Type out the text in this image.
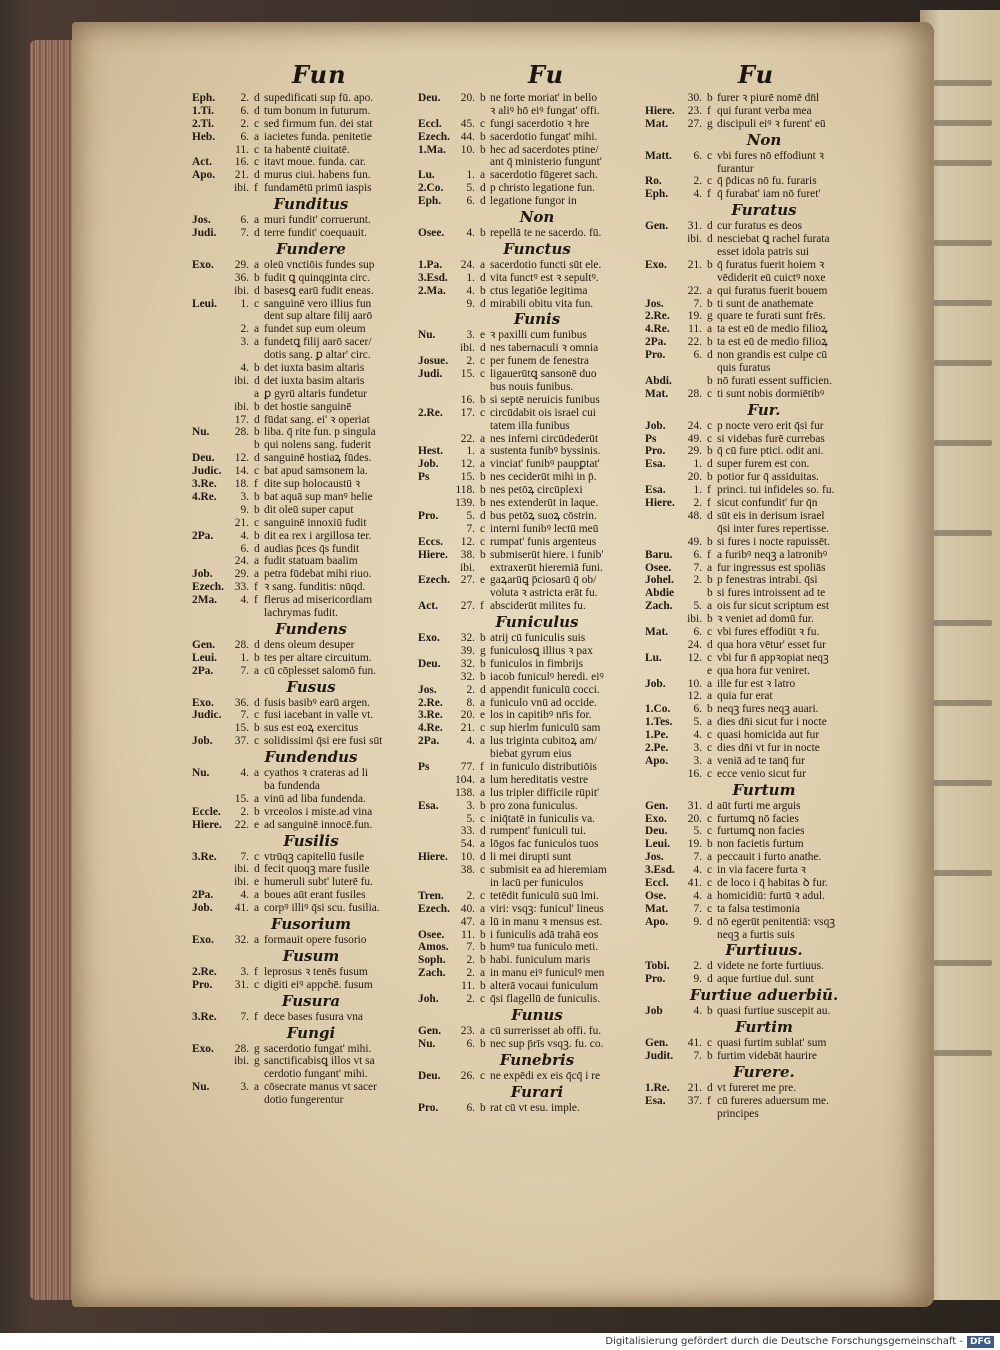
Fun	Fu	Fu
Eph.	2. d supedificati sup fū. apo.
1.Ti.	6. d tum bonum in futurum.
2.Ti.	2. c sed firmum fun. dei stat
Heb.	6. a iacietes funda. penitetie
11. c ta habentē ciuitatē.
Act.	16. c itavt moue. funda. car.
Apo.	21. d murus ciui. habens fun.
ibi. f fundamētū primū iaspis
Funditus
Jos.	6. a muri fundit' corruerunt.
Judi.	7. d terre fundit' coequauit.
Fundere
Exo.	29. a oleū vnctiōis fundes sup
36. b fudit ꝗ quinqginta circ.
ibi. d basesꝗ earū fudit eneas.
Leui.	1. c sanguinē vero illius fun
dent sup altare filij aarō
2. a fundet sup eum oleum
3. a fundetꝗ filij aarō sacer/
dotis sang. ꝑ altar' circ.
4. b det iuxta basim altaris
ibi. d det iuxta basim altaris
a ꝑ gyrū altaris fundetur
ibi. b det hostie sanguinē
17. d fūdat sang. ei' ꝛ operiat
Nu.	28. b liba. q̄ rite fun. p singula
b qui nolens sang. fuderit
Deu.	12. d sanguinē hostiaꝝ fūdes.
Judic.	14. c bat apud samsonem la.
3.Re.	18. f dite sup holocaustū ꝛ
4.Re.	3. b bat aquā sup manꝰ helie
9. b dit oleū super caput
21. c sanguinē innoxiū fudit
2Pa.	4. b dit ea rex i argillosa ter.
6. d audias p̄ces q̄s fundit
24. a fudit statuam baalim
Job.	29. a petra fūdebat mihi riuo.
Ezech. 33. f ꝛ sang. funditis: nūqd.
2Ma.	4. f flerus ad misericordiam
lachrymas fudit.
Fundens
Gen.	28. d dens oleum desuper
Leui.	1. b tes per altare circuitum.
2Pa.	7. a cū cōplesset salomō fun.
Fusus
Exo.	36. d fusis basibꝰ earū argen.
Judic.	7. c fusi iacebant in valle vt.
15. b sus est eoꝝ exercitus
Job.	37. c solidissimi q̄si ere fusi sūt
Fundendus
Nu.	4. a cyathos ꝛ crateras ad li
ba fundenda
15. a vinū ad liba fundenda.
Eccle.	2. b vrceolos i miste.ad vina
Hiere.	22. e ad sanguinē innocē.fun.
Fusilis
3.Re.	7. c vtrūqꝫ capitellū fusile
ibi. d fecit quoqꝫ mare fusile
ibi. e humeruli subt' luterē fu.
2Pa.	4. a boues aūt erant fusiles
Job.	41. a corpꝰ illiꝰ q̄si scu. fusilia.
Fusorium
Exo.	32. a formauit opere fusorio
Fusum
2.Re.	3. f leprosus ꝛ tenēs fusum
Pro.	31. c digiti eiꝰ appchē. fusum
Fusura
3.Re.	7. f dece bases fusura vna
Fungi
Exo.	28. g sacerdotio fungat' mihi.
ibi. g sanctificabisꝗ illos vt sa
cerdotio fungant' mihi.
Nu.	3. a cōsecrate manus vt sacer
dotio fungerentur
Deu.	20. b ne forte moriat' in bello
ꝛ aliꝰ hō eiꝰ fungat' offi.
Eccl.	45. c fungi sacerdotio ꝛ hre
Ezech. 44. b sacerdotio fungat' mihi.
1.Ma.	10. b hec ad sacerdotes ptine/
ant q̄ ministerio fungunt'
Lu.	1. a sacerdotio fūgeret sach.
2.Co.	5. d p christo legatione fun.
Eph.	6. d legatione fungor in
Non
Osee.	4. b repellā te ne sacerdo. fū.
Functus
1.Pa.	24. a sacerdotio functi sūt ele.
3.Esd.	1. d vita functꝰ est ꝛ sepultꝰ.
2.Ma.	4. b ctus legatiōe legitima
9. d mirabili obitu vita fun.
Funis
Nu.	3. e ꝛ paxilli cum funibus
ibi. d nes tabernaculi ꝛ omnia
Josue.	2. c per funem de fenestra
Judi.	15. c ligauerūtꝗ sansonē duo
bus nouis funibus.
16. b si septē neruicis funibus
2.Re.	17. c circūdabit ois israel cui
tatem illa funibus
22. a nes inferni circūdederūt
Hest.	1. a sustenta funibꝰ byssinis.
Job.	12. a vinciat' funibꝰ paupꝑtat'
Ps	15. b nes ceciderūt mihi in p̄.
118. b nes petōꝝ circūplexi
139. b nes extenderūt in laque.
Pro.	5. d bus petōꝝ suoꝝ cōstrin.
7. c interni funibꝰ lectū meū
Eccs.	12. c rumpat' funis argenteus
Hiere.	38. b submiserūt hiere. i funib'
ibi.	extraxerūt hieremiā funi.
Ezech. 27. e gaꝝarūꝗ p̄ciosarū q̄ ob/
voluta ꝛ astricta erāt fu.
Act.	27. f absciderūt milites fu.
Funiculus
Exo.	32. b atrij cū funiculis suis
39. g funiculosꝗ illius ꝛ pax
Deu.	32. b funiculos in fimbrijs
32. b iacob funiculꝰ heredi. eiꝰ
Jos.	2. d appendit funiculū cocci.
2.Re.	8. a funiculo vnū ad occide.
3.Re.	20. e los in capitibꝰ nr̄is for.
4.Re.	21. c sup hierlm funiculū sam
2Pa.	4. a lus triginta cubitoꝝ am/
biebat gyrum eius
Ps	77. f in funiculo distributiōis
104. a lum hereditatis vestre
138. a lus tripler difficile rūpit'
Esa.	3. b pro zona funiculus.
5. c iniq̄tatē in funiculis va.
33. d rumpent' funiculi tui.
54. a lōgos fac funiculos tuos
Hiere.	10. d li mei dirupti sunt
38. c submisit ea ad hieremiam
in lacū per funiculos
Tren.	2. c tetēdit funiculū suū lmi.
Ezech. 40. a viri: vsqꝫ: funicul' lineus
47. a lū in manu ꝛ mensus est.
Osee.	11. b i funiculis adā trahā eos
Amos.	7. b humꝰ tua funiculo meti.
Soph.	2. b habi. funiculum maris
Zach.	2. a in manu eiꝰ funiculꝰ men
11. b alterā vocaui funiculum
Joh.	2. c q̄si flagellū de funiculis.
Funus
Gen.	23. a cū surrerisset ab offi. fu.
Nu.	6. b nec sup p̄rīs vsqꝫ. fu. co.
Funebris
Deu.	26. c ne expēdi ex eis q̄cq̄ i re
Furari
Pro.	6. b rat cū vt esu. imple.
30. b furer ꝛ piurē nomē dn̄l
Hiere.	23. f qui furant verba mea
Mat.	27. g discipuli eiꝰ ꝛ furent' eū
Non
Matt.	6. c vbi fures nō effodiunt ꝛ
furantur
Ro.	2. c q̄ p̄dicas nō fu. furaris
Eph.	4. f q̄ furabat' iam nō furet'
Furatus
Gen.	31. d cur furatus es deos
ibi. d nesciebat ꝗ rachel furata
esset idola patris sui
Exo.	21. b q̄ furatus fuerit hoiem ꝛ
vēdiderit eū cuictꝰ noxe
22. a qui furatus fuerit bouem
Jos.	7. b ti sunt de anathemate
2.Re.	19. g quare te furati sunt frēs.
4.Re.	11. a ta est eū de medio filioꝝ
2Pa.	22. b ta est eū de medio filioꝝ
Pro.	6. d non grandis est culpe cū
quis furatus
Abdi.	b nō furati essent sufficien.
Mat.	28. c ti sunt nobis dormiētibꝰ
Fur.
Job.	24. c p nocte vero erit q̄si fur
Ps	49. c si videbas furē currebas
Pro.	29. b q̄ cū fure ptici. odit ani.
Esa.	1. d super furem est con.
20. b potior fur q̄ assiduitas.
Esa.	1. f princi. tui infideles so. fu.
Hiere.	2. f sicut confundit' fur q̄n
48. d sūt eis in derisum israel
q̄si inter fures repertisse.
49. b si fures i nocte rapuissēt.
Baru.	6. f a furibꝰ neqꝫ a latronibꝰ
Osee.	7. a fur ingressus est spoliās
Johel.	2. b p fenestras intrabi. q̄si
Abdie	b si fures introissent ad te
Zach.	5. a ois fur sicut scriptum est
ibi. b ꝛ veniet ad domū fur.
Mat.	6. c vbi fures effodiūt ꝛ fu.
24. d qua hora vētur' esset fur
Lu.	12. c vbi fur n̄ appꝛopiat neqꝫ
e qua hora fur veniret.
Job.	10. a ille fur est ꝛ latro
12. a quia fur erat
1.Co.	6. b neqꝫ fures neqꝫ auari.
1.Tes.	5. a dies dn̄i sicut fur i nocte
1.Pe.	4. c quasi homicida aut fur
2.Pe.	3. c dies dn̄i vt fur in nocte
Apo.	3. a veniā ad te tanq̄ fur
16. c ecce venio sicut fur
Furtum
Gen.	31. d aūt furti me arguis
Exo.	20. c furtumꝗ nō facies
Deu.	5. c furtumꝗ non facies
Leui.	19. b non facietis furtum
Jos.	7. a peccauit i furto anathe.
3.Esd.	4. c in via facere furta ꝛ
Eccl.	41. c de loco i q̄ habitas ꝺ fur.
Ose.	4. a homicidiū: furtū ꝛ adul.
Mat.	7. c ta falsa testimonia
Apo.	9. d nō egerūt penitentiā: vsqꝫ
neqꝫ a furtis suis
Furtiuus.
Tobi.	2. d videte ne forte furtiuus.
Pro.	9. d aque furtiue dul. sunt
Furtiue aduerbiū.
Job	4. b quasi furtiue suscepit au.
Furtim
Gen.	41. c quasi furtim sublat' sum
Judit.	7. b furtim videbāt haurire
Furere.
1.Re.	21. d vt fureret me pre.
Esa.	37. f cū fureres aduersum me.
principes
Digitalisierung gefördert durch die Deutsche Forschungsgemeinschaft - DFG
